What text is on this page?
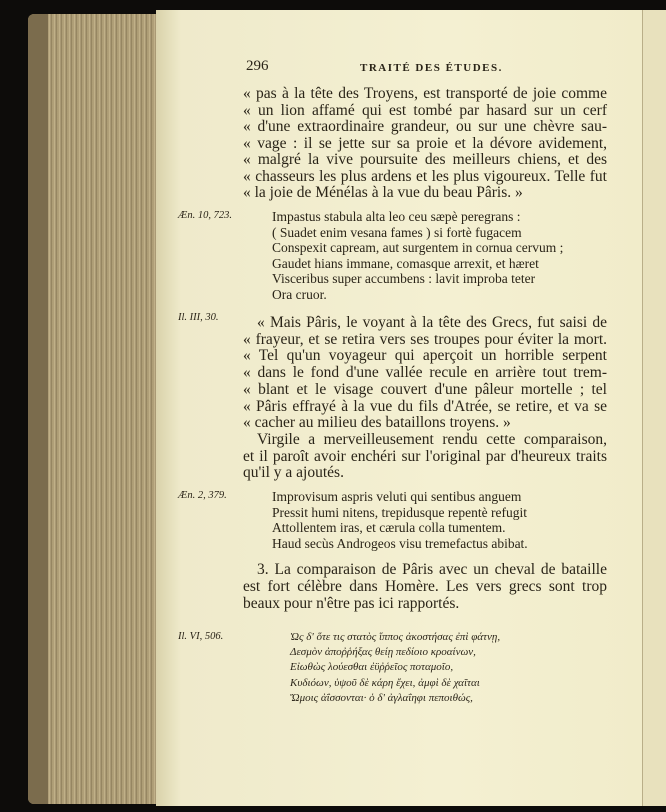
296	TRAITÉ DES ÉTUDES.
« pas à la tête des Troyens, est transporté de joie comme
« un lion affamé qui est tombé par hasard sur un cerf
« d'une extraordinaire grandeur, ou sur une chèvre sau-
« vage : il se jette sur sa proie et la dévore avidement,
« malgré la vive poursuite des meilleurs chiens, et des
« chasseurs les plus ardens et les plus vigoureux. Telle fut
« la joie de Ménélas à la vue du beau Pâris. »
Æn. 10, 723.	Impastus stabula alta leo ceu sæpè peregrans :
( Suadet enim vesana fames ) si fortè fugacem
Conspexit capream, aut surgentem in cornua cervum ;
Gaudet hians immane, comasque arrexit, et hæret
Visceribus super accumbens : lavit improba teter
Ora cruor.
Il. III, 30. « Mais Pâris, le voyant à la tête des Grecs, fut saisi de
« frayeur, et se retira vers ses troupes pour éviter la mort.
« Tel qu'un voyageur qui aperçoit un horrible serpent
« dans le fond d'une vallée recule en arrière tout trem-
« blant et le visage couvert d'une pâleur mortelle ; tel
« Pâris effrayé à la vue du fils d'Atrée, se retire, et va se
« cacher au milieu des bataillons troyens. »
Virgile a merveilleusement rendu cette comparaison,
et il paroît avoir enchéri sur l'original par d'heureux traits
qu'il y a ajoutés.
Æn. 2, 379.	Improvisum aspris veluti qui sentibus anguem
Pressit humi nitens, trepidusque repentè refugit
Attollentem iras, et cærula colla tumentem.
Haud secùs Androgeos visu tremefactus abibat.
3. La comparaison de Pâris avec un cheval de bataille
est fort célèbre dans Homère. Les vers grecs sont trop
beaux pour n'être pas ici rapportés.
Il. VI, 506.	Ὡς δ' ὅτε τις στατὸς ἵππος ἀκοστήσας ἐπὶ φάτνῃ,
Δεσμὸν ἀποῤῥήξας θείῃ πεδίοιο κροαίνων,
Εἰωθὼς λούεσθαι ἐϋῤῥεῖος ποταμοῖο,
Κυδιόων, ὑψοῦ δὲ κάρη ἔχει, ἀμφὶ δὲ χαῖται
Ὤμοις ἀΐσσονται· ὁ δ' ἀγλαΐηφι πεποιθώς,
